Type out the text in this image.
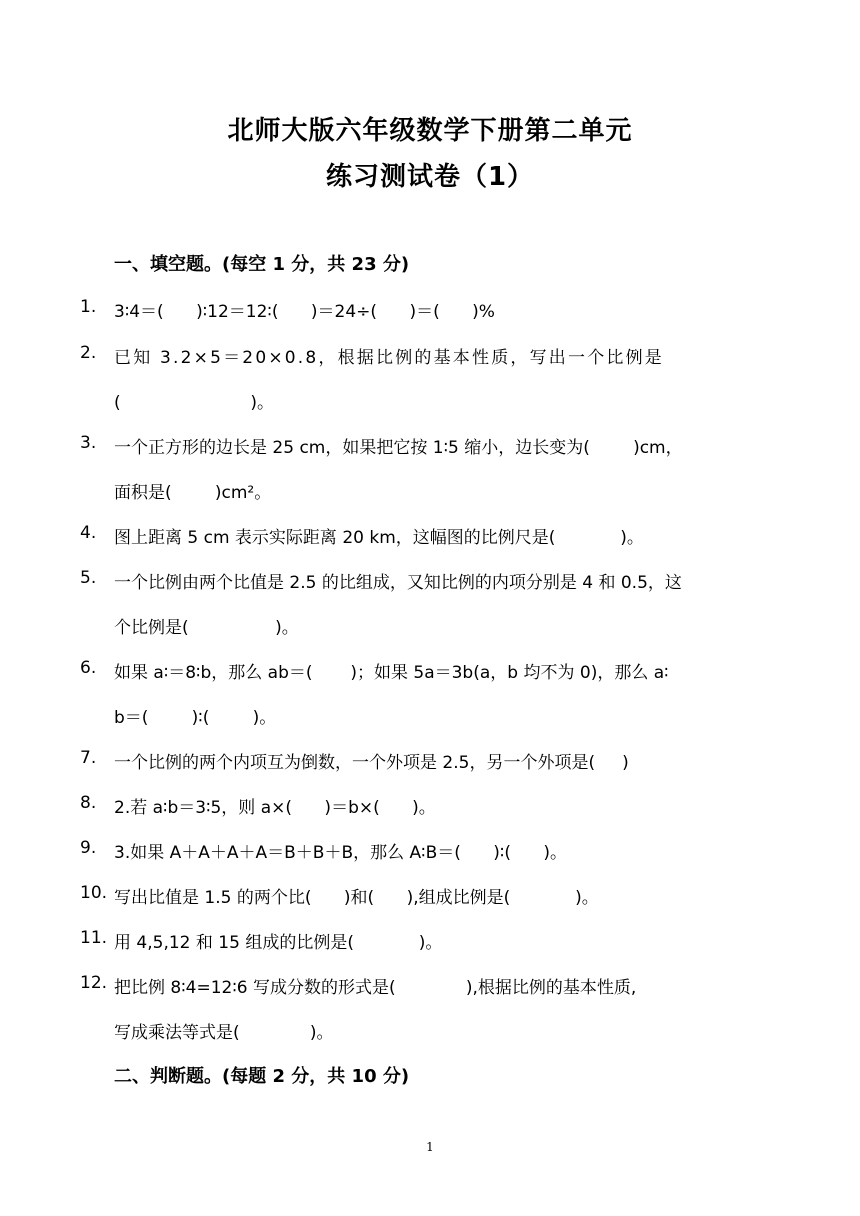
北师大版六年级数学下册第二单元
练习测试卷（1）
一、填空题。(每空 1 分，共 23 分)
1. 3∶4＝(      )∶12＝12∶(      )＝24÷(      )＝(      )%
2. 已知 3.2×5＝20×0.8，根据比例的基本性质，写出一个比例是
(                        )。
3. 一个正方形的边长是 25 cm，如果把它按 1∶5 缩小，边长变为(        )cm，
面积是(        )cm²。
4. 图上距离 5 cm 表示实际距离 20 km，这幅图的比例尺是(            )。
5. 一个比例由两个比值是 2.5 的比组成，又知比例的内项分别是 4 和 0.5，这
个比例是(                )。
6. 如果 a∶＝8∶b，那么 ab＝(       )；如果 5a＝3b(a，b 均不为 0)，那么 a∶
b＝(        )∶(        )。
7. 一个比例的两个内项互为倒数，一个外项是 2.5，另一个外项是(     )
8. 2.若 a∶b＝3∶5，则 a×(      )＝b×(      )。
9. 3.如果 A＋A＋A＋A＝B＋B＋B，那么 A∶B＝(      )∶(      )。
10. 写出比值是 1.5 的两个比(      )和(      ),组成比例是(            )。
11. 用 4,5,12 和 15 组成的比例是(            )。
12. 把比例 8∶4=12∶6 写成分数的形式是(             ),根据比例的基本性质,
写成乘法等式是(             )。
二、判断题。(每题 2 分，共 10 分)
1
